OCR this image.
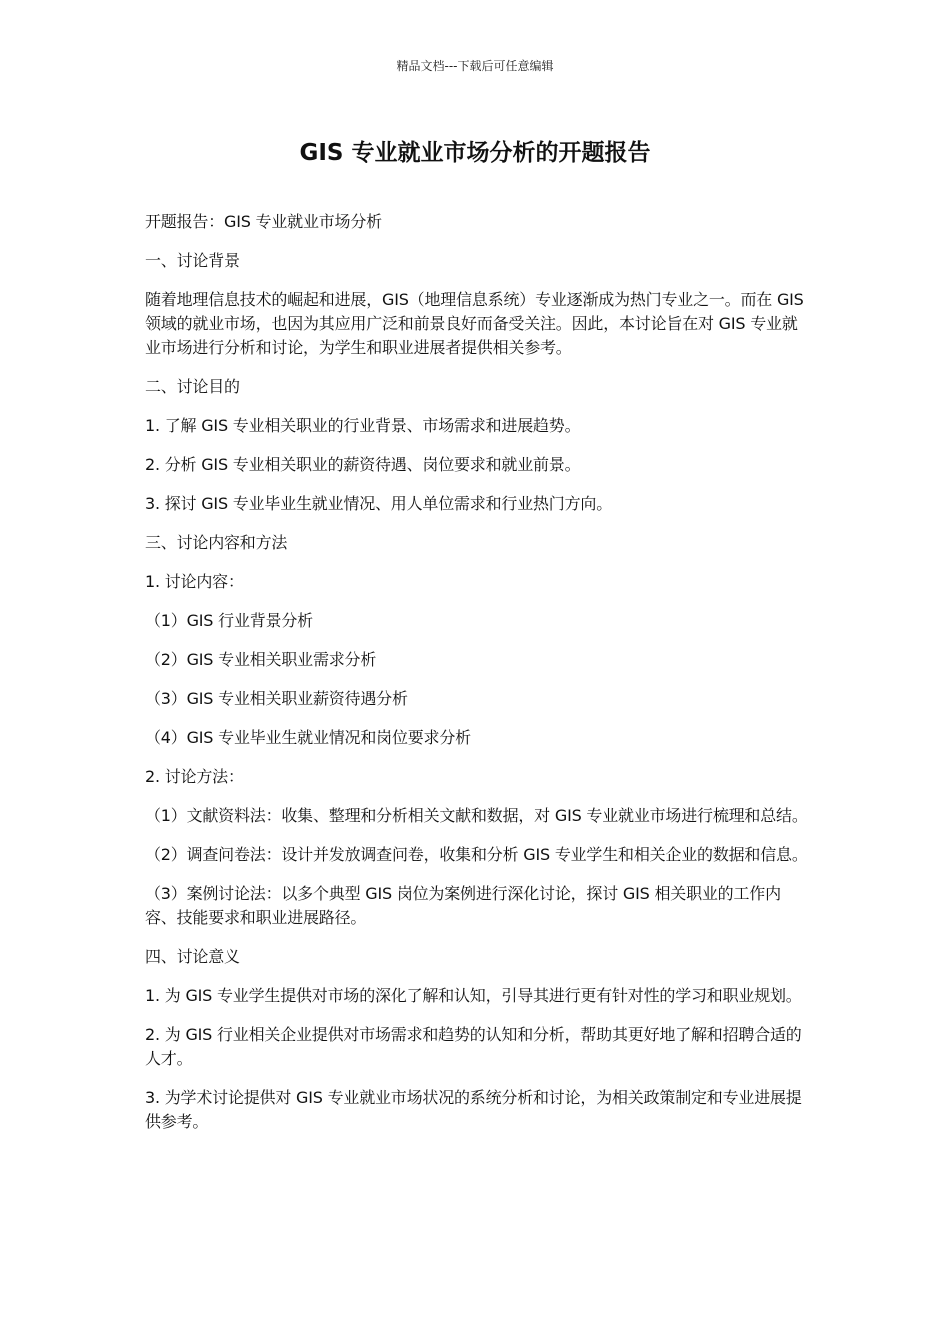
精品文档---下载后可任意编辑
GIS 专业就业市场分析的开题报告

开题报告：GIS 专业就业市场分析

一、讨论背景

随着地理信息技术的崛起和进展，GIS（地理信息系统）专业逐渐成为热门专业之一。而在 GIS 领域的就业市场，也因为其应用广泛和前景良好而备受关注。因此，本讨论旨在对 GIS 专业就业市场进行分析和讨论，为学生和职业进展者提供相关参考。

二、讨论目的

1. 了解 GIS 专业相关职业的行业背景、市场需求和进展趋势。

2. 分析 GIS 专业相关职业的薪资待遇、岗位要求和就业前景。

3. 探讨 GIS 专业毕业生就业情况、用人单位需求和行业热门方向。

三、讨论内容和方法

1. 讨论内容：

（1）GIS 行业背景分析

（2）GIS 专业相关职业需求分析

（3）GIS 专业相关职业薪资待遇分析

（4）GIS 专业毕业生就业情况和岗位要求分析

2. 讨论方法：

（1）文献资料法：收集、整理和分析相关文献和数据，对 GIS 专业就业市场进行梳理和总结。

（2）调查问卷法：设计并发放调查问卷，收集和分析 GIS 专业学生和相关企业的数据和信息。

（3）案例讨论法：以多个典型 GIS 岗位为案例进行深化讨论，探讨 GIS 相关职业的工作内容、技能要求和职业进展路径。

四、讨论意义

1. 为 GIS 专业学生提供对市场的深化了解和认知，引导其进行更有针对性的学习和职业规划。

2. 为 GIS 行业相关企业提供对市场需求和趋势的认知和分析，帮助其更好地了解和招聘合适的人才。

3. 为学术讨论提供对 GIS 专业就业市场状况的系统分析和讨论，为相关政策制定和专业进展提供参考。
